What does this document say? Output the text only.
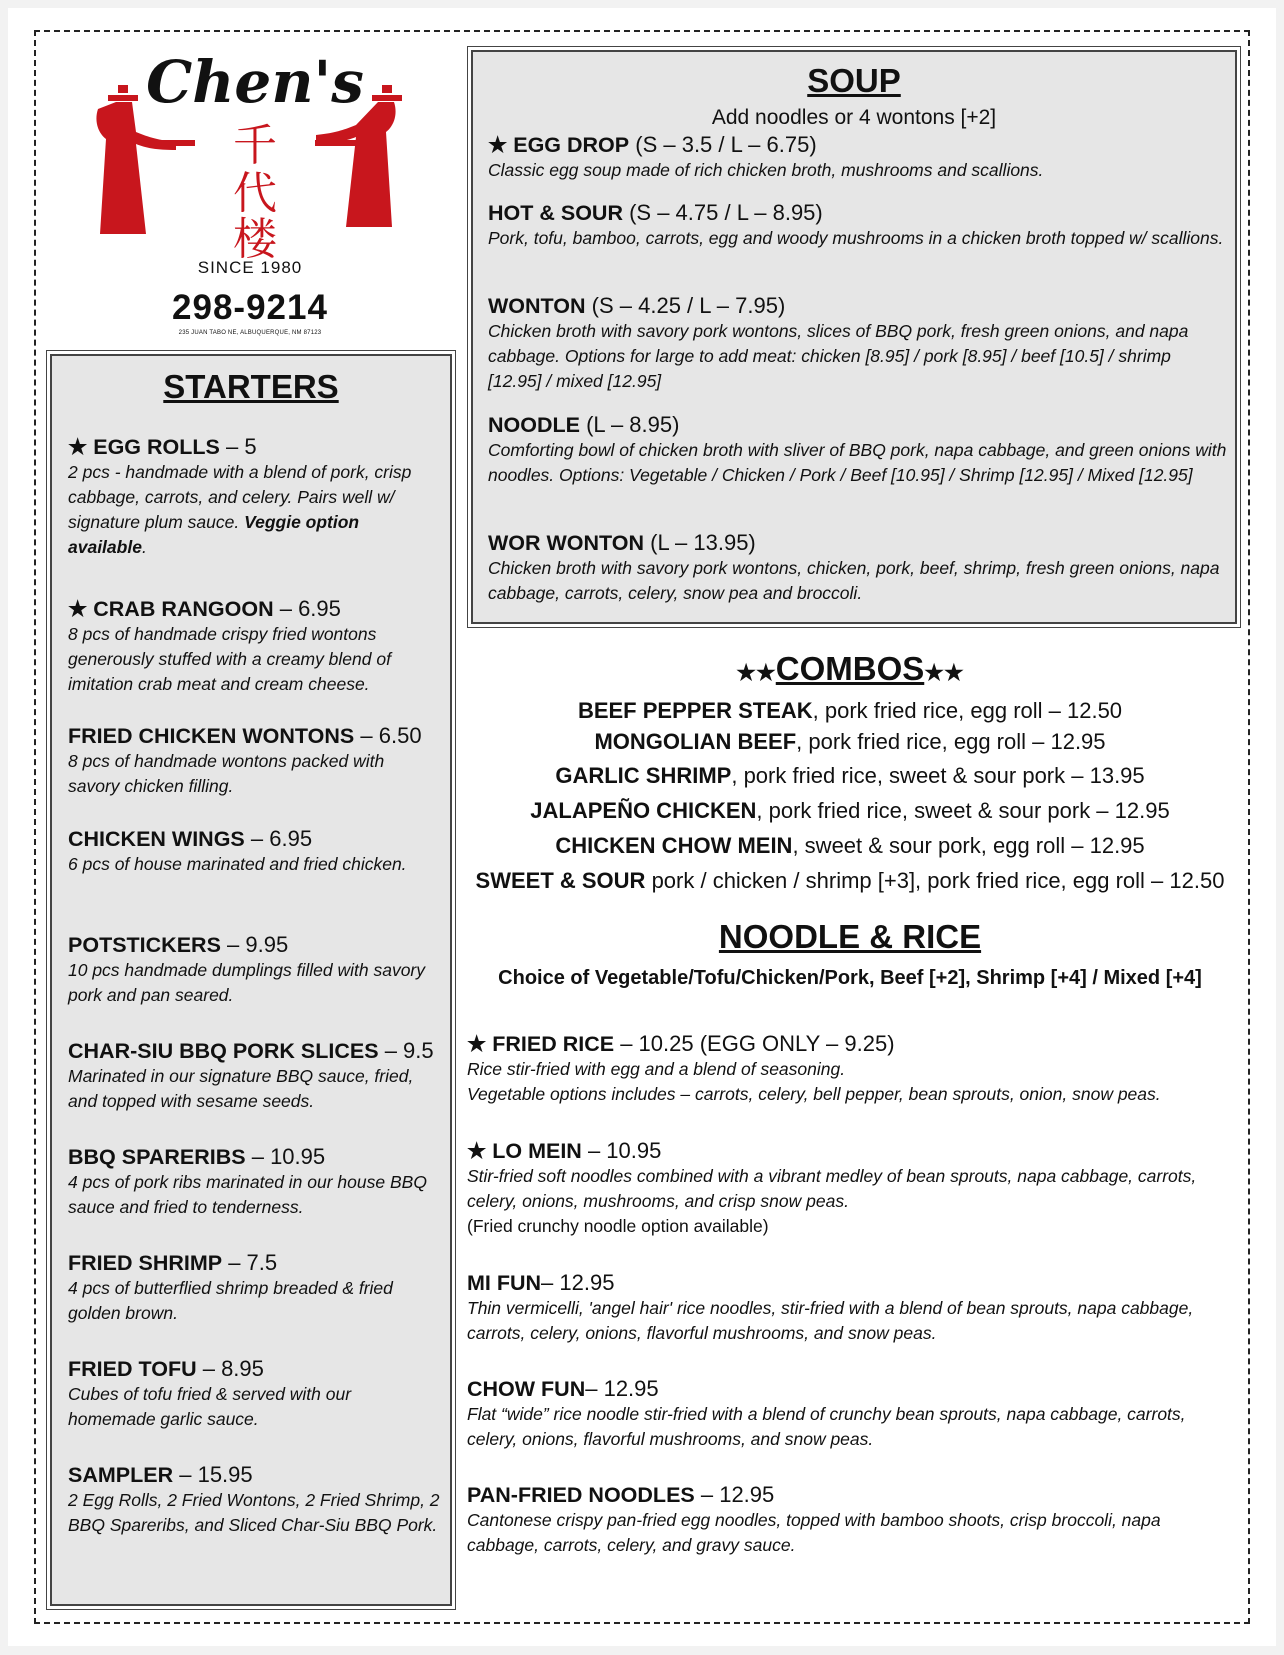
千
代
楼
Chen's
SINCE 1980
298-9214
235 JUAN TABO NE, ALBUQUERQUE, NM 87123
STARTERS
★ EGG ROLLS – 5
2 pcs - handmade with a blend of pork, crisp cabbage, carrots, and celery. Pairs well w/ signature plum sauce. Veggie option available.
★ CRAB RANGOON – 6.95
8 pcs of handmade crispy fried wontons generously stuffed with a creamy blend of imitation crab meat and cream cheese.
FRIED CHICKEN WONTONS – 6.50
8 pcs of handmade wontons packed with savory chicken filling.
CHICKEN WINGS – 6.95
6 pcs of house marinated and fried chicken.
POTSTICKERS – 9.95
10 pcs handmade dumplings filled with savory pork and pan seared.
CHAR-SIU BBQ PORK SLICES – 9.5
Marinated in our signature BBQ sauce, fried, and topped with sesame seeds.
BBQ SPARERIBS – 10.95
4 pcs of pork ribs marinated in our house BBQ sauce and fried to tenderness.
FRIED SHRIMP – 7.5
4 pcs of butterflied shrimp breaded & fried golden brown.
FRIED TOFU – 8.95
Cubes of tofu fried & served with our homemade garlic sauce.
SAMPLER – 15.95
2 Egg Rolls, 2 Fried Wontons, 2 Fried Shrimp, 2 BBQ Spareribs, and Sliced Char-Siu BBQ Pork.
SOUP
Add noodles or 4 wontons [+2]
★ EGG DROP (S – 3.5 / L – 6.75)
Classic egg soup made of rich chicken broth, mushrooms and scallions.
HOT & SOUR (S – 4.75 / L – 8.95)
Pork, tofu, bamboo, carrots, egg and woody mushrooms in a chicken broth topped w/ scallions.
WONTON (S – 4.25 / L – 7.95)
Chicken broth with savory pork wontons, slices of BBQ pork, fresh green onions, and napa cabbage. Options for large to add meat: chicken [8.95] / pork [8.95] / beef [10.5] / shrimp [12.95] / mixed [12.95]
NOODLE (L – 8.95)
Comforting bowl of chicken broth with sliver of BBQ pork, napa cabbage, and green onions with noodles. Options: Vegetable / Chicken / Pork / Beef [10.95] / Shrimp [12.95] / Mixed [12.95]
WOR WONTON (L – 13.95)
Chicken broth with savory pork wontons, chicken, pork, beef, shrimp, fresh green onions, napa cabbage, carrots, celery, snow pea and broccoli.
★★COMBOS★★
BEEF PEPPER STEAK, pork fried rice, egg roll – 12.50
MONGOLIAN BEEF, pork fried rice, egg roll – 12.95
GARLIC SHRIMP, pork fried rice, sweet & sour pork – 13.95
JALAPEÑO CHICKEN, pork fried rice, sweet & sour pork – 12.95
CHICKEN CHOW MEIN, sweet & sour pork, egg roll – 12.95
SWEET & SOUR pork / chicken / shrimp [+3], pork fried rice, egg roll – 12.50
NOODLE & RICE
Choice of Vegetable/Tofu/Chicken/Pork, Beef [+2], Shrimp [+4] / Mixed [+4]
★ FRIED RICE – 10.25 (EGG ONLY – 9.25)
Rice stir-fried with egg and a blend of seasoning.
Vegetable options includes – carrots, celery, bell pepper, bean sprouts, onion, snow peas.
★ LO MEIN – 10.95
Stir-fried soft noodles combined with a vibrant medley of bean sprouts, napa cabbage, carrots, celery, onions, mushrooms, and crisp snow peas.
(Fried crunchy noodle option available)
MI FUN– 12.95
Thin vermicelli, 'angel hair' rice noodles, stir-fried with a blend of bean sprouts, napa cabbage, carrots, celery, onions, flavorful mushrooms, and snow peas.
CHOW FUN– 12.95
Flat “wide” rice noodle stir-fried with a blend of crunchy bean sprouts, napa cabbage, carrots, celery, onions, flavorful mushrooms, and snow peas.
PAN-FRIED NOODLES – 12.95
Cantonese crispy pan-fried egg noodles, topped with bamboo shoots, crisp broccoli, napa cabbage, carrots, celery, and gravy sauce.
